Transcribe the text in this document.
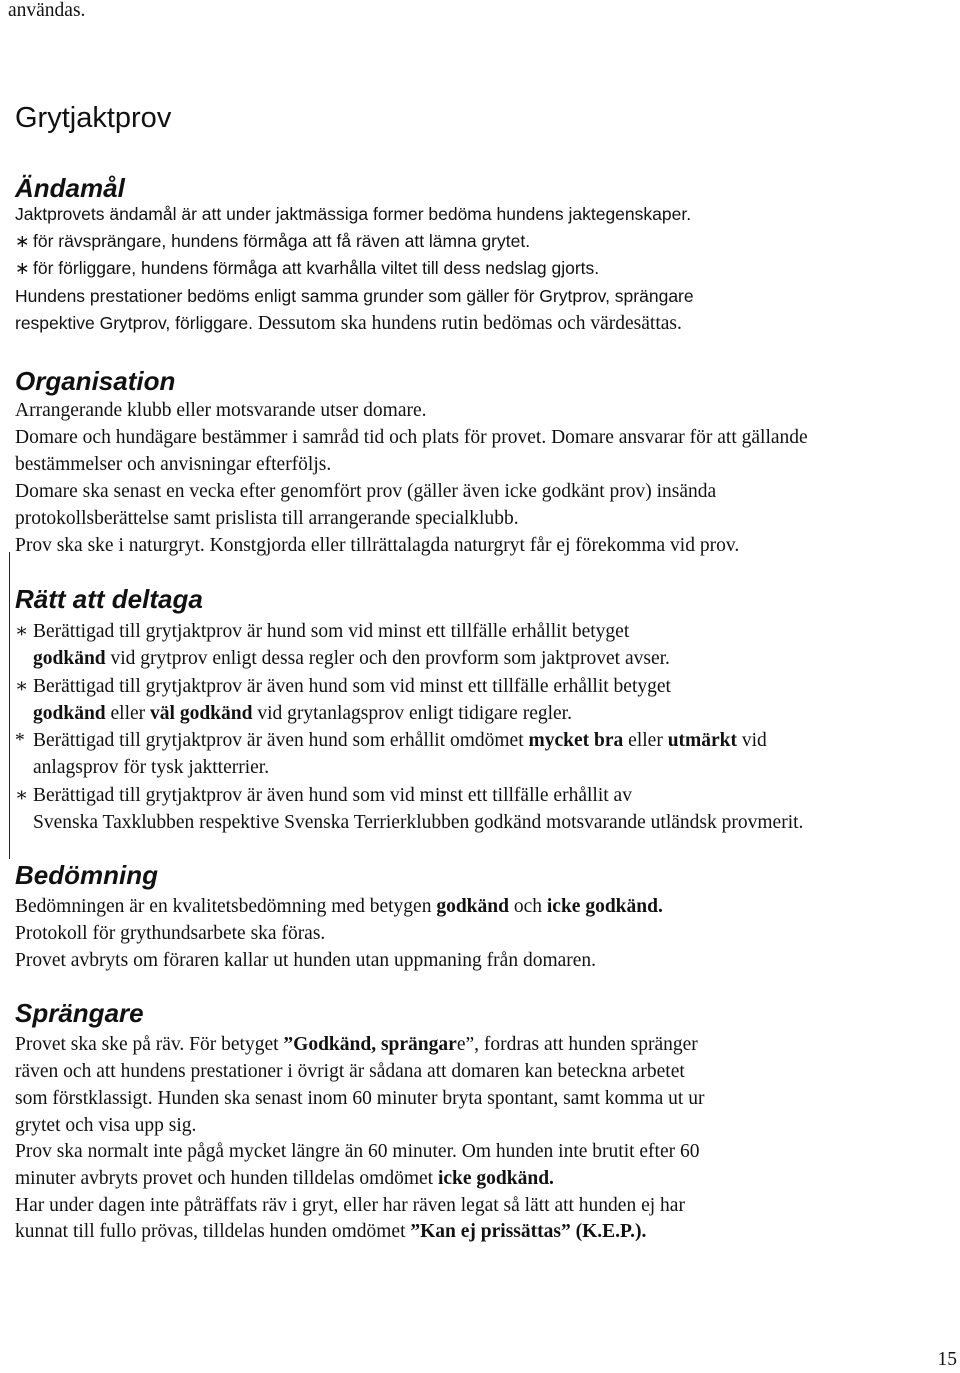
användas.
Grytjaktprov
Ändamål
Jaktprovets ändamål är att under jaktmässiga former bedöma hundens jaktegenskaper.
∗ för rävsprängare, hundens förmåga att få räven att lämna grytet.
∗ för förliggare, hundens förmåga att kvarhålla viltet till dess nedslag gjorts.
Hundens prestationer bedöms enligt samma grunder som gäller för Grytprov, sprängare
respektive Grytprov, förliggare. Dessutom ska hundens rutin bedömas och värdesättas.
Organisation
Arrangerande klubb eller motsvarande utser domare.
Domare och hundägare bestämmer i samråd tid och plats för provet. Domare ansvarar för att gällande
bestämmelser och anvisningar efterföljs.
Domare ska senast en vecka efter genomfört prov (gäller även icke godkänt prov) insända
protokollsberättelse samt prislista till arrangerande specialklubb.
Prov ska ske i naturgryt. Konstgjorda eller tillrättalagda naturgryt får ej förekomma vid prov.
Rätt att deltaga
∗ Berättigad till grytjaktprov är hund som vid minst ett tillfälle erhållit betyget
godkänd vid grytprov enligt dessa regler och den provform som jaktprovet avser.
∗ Berättigad till grytjaktprov är även hund som vid minst ett tillfälle erhållit betyget
godkänd eller väl godkänd vid grytanlagsprov enligt tidigare regler.
* Berättigad till grytjaktprov är även hund som erhållit omdömet mycket bra eller utmärkt vid
anlagsprov för tysk jaktterrier.
∗ Berättigad till grytjaktprov är även hund som vid minst ett tillfälle erhållit av
Svenska Taxklubben respektive Svenska Terrierklubben godkänd motsvarande utländsk provmerit.
Bedömning
Bedömningen är en kvalitetsbedömning med betygen godkänd och icke godkänd.
Protokoll för grythundsarbete ska föras.
Provet avbryts om föraren kallar ut hunden utan uppmaning från domaren.
Sprängare
Provet ska ske på räv. För betyget ”Godkänd, sprängare”, fordras att hunden spränger
räven och att hundens prestationer i övrigt är sådana att domaren kan beteckna arbetet
som förstklassigt. Hunden ska senast inom 60 minuter bryta spontant, samt komma ut ur
grytet och visa upp sig.
Prov ska normalt inte pågå mycket längre än 60 minuter. Om hunden inte brutit efter 60
minuter avbryts provet och hunden tilldelas omdömet icke godkänd.
Har under dagen inte påträffats räv i gryt, eller har räven legat så lätt att hunden ej har
kunnat till fullo prövas, tilldelas hunden omdömet ”Kan ej prissättas” (K.E.P.).
15
